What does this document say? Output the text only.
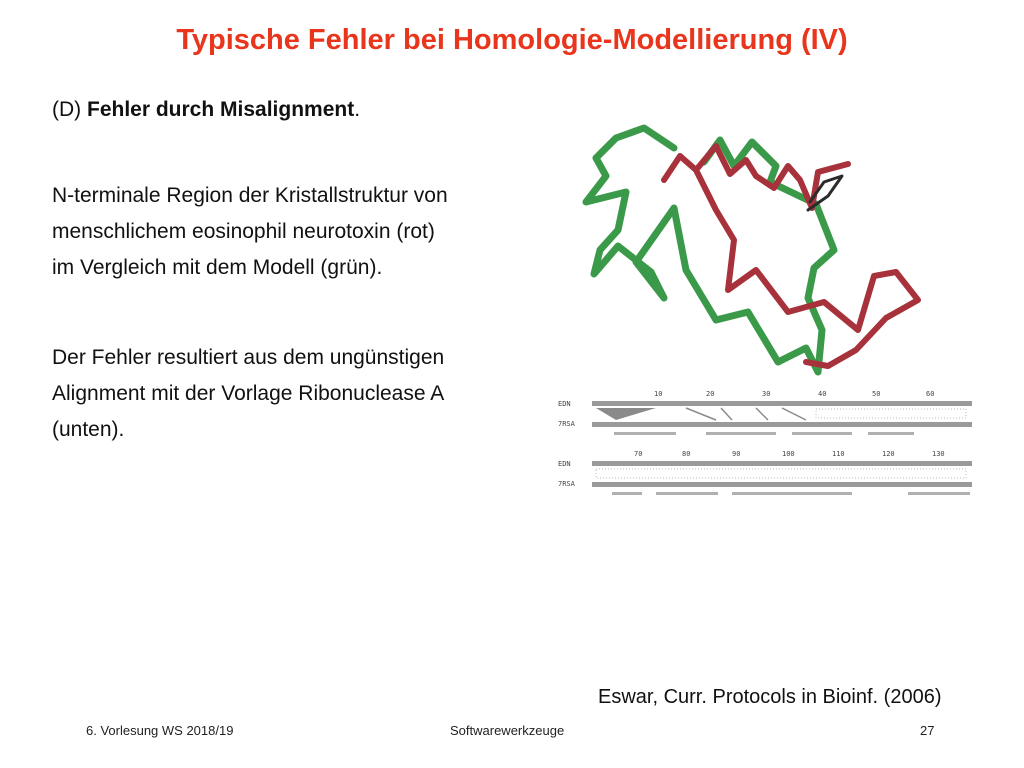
Typische Fehler bei Homologie-Modellierung (IV)
(D) Fehler durch Misalignment.
N-terminale Region der Kristallstruktur von
menschlichem eosinophil neurotoxin (rot)
im Vergleich mit dem Modell (grün).
Der Fehler resultiert aus dem ungünstigen
Alignment mit der Vorlage Ribonuclease A
(unten).
10	20	30	40	50	60
EDN
7RSA
70	80	90	100	110	120	130
EDN
7RSA
Eswar, Curr. Protocols in Bioinf. (2006)
6. Vorlesung WS 2018/19	Softwarewerkzeuge	27
